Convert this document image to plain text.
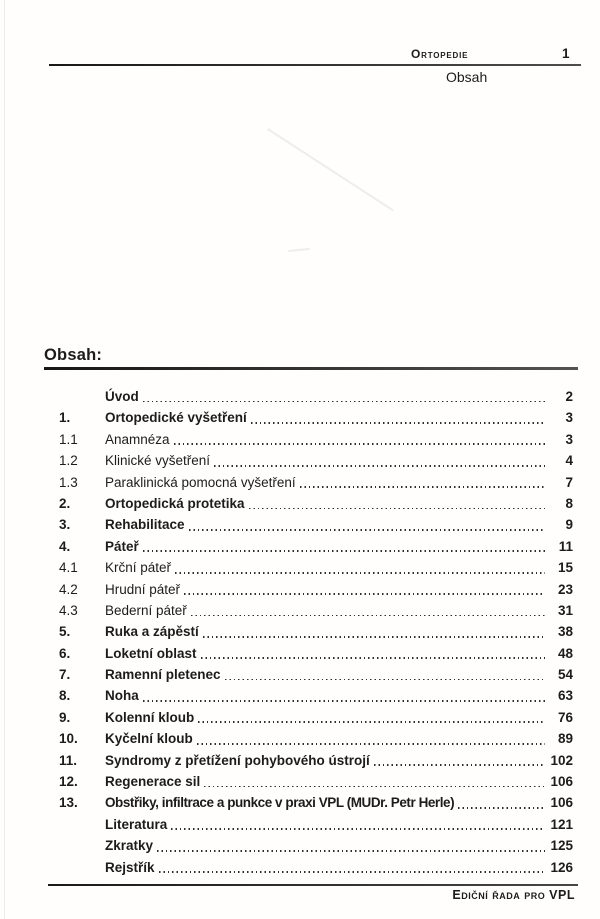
Ortopedie	1
Obsah
Obsah:
Úvod	2
1.	Ortopedické vyšetření	3
1.1	Anamnéza	3
1.2	Klinické vyšetření	4
1.3	Paraklinická pomocná vyšetření	7
2.	Ortopedická protetika	8
3.	Rehabilitace	9
4.	Páteř	11
4.1	Krční páteř	15
4.2	Hrudní páteř	23
4.3	Bederní páteř	31
5.	Ruka a zápěstí	38
6.	Loketní oblast	48
7.	Ramenní pletenec	54
8.	Noha	63
9.	Kolenní kloub	76
10.	Kyčelní kloub	89
11.	Syndromy z přetížení pohybového ústrojí	102
12.	Regenerace sil	106
13.	Obstřiky, infiltrace a punkce v praxi VPL (MUDr. Petr Herle)	106
Literatura	121
Zkratky	125
Rejstřík	126
Ediční řada pro VPL
